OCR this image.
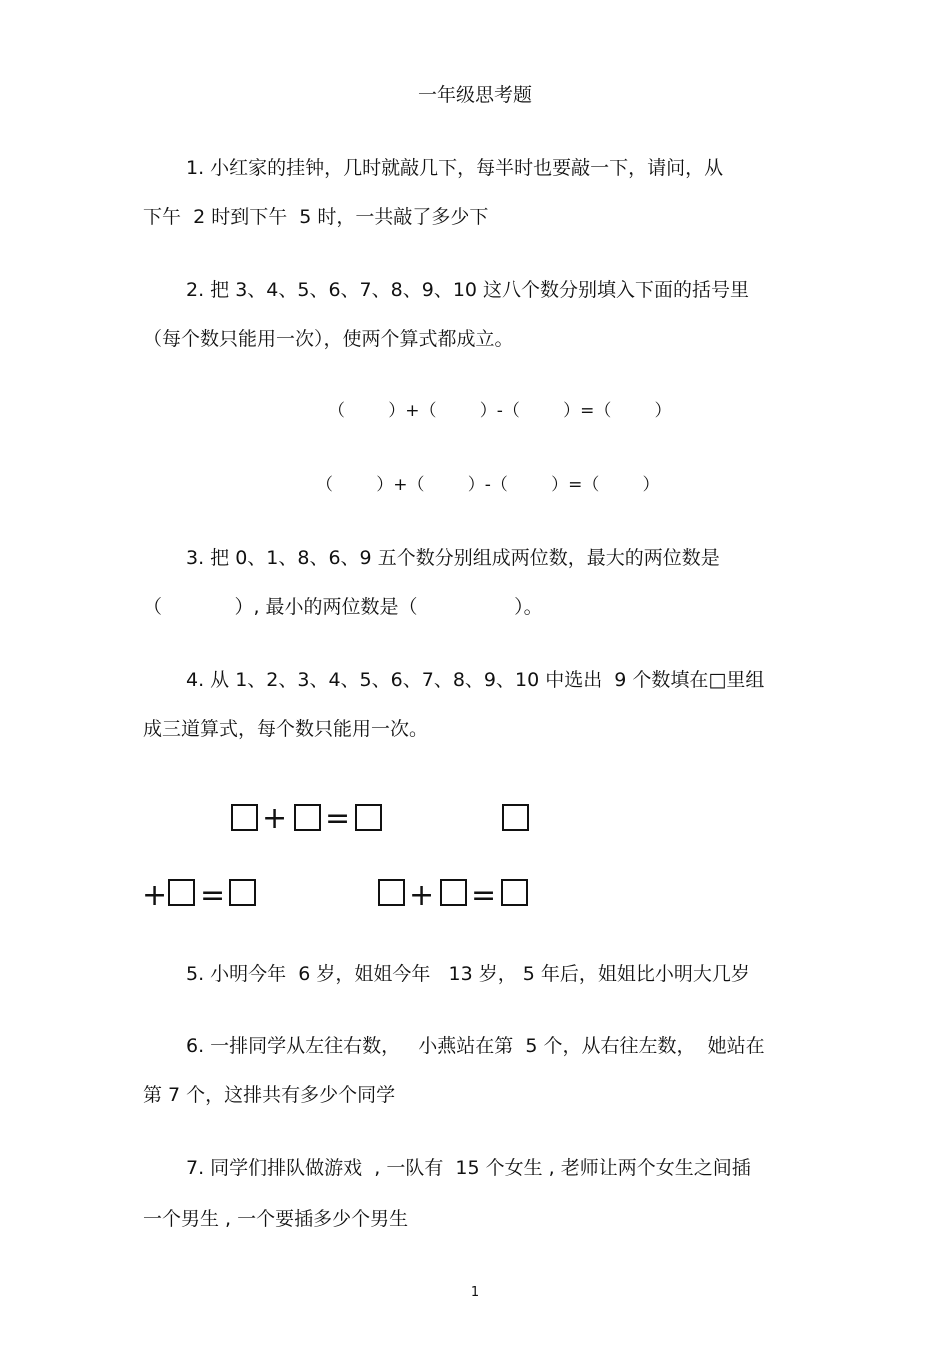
一年级思考题
1. 小红家的挂钟，几时就敲几下，每半时也要敲一下，请问，从
下午  2 时到下午  5 时，一共敲了多少下
2. 把 3、4、5、6、7、8、9、10 这八个数分别填入下面的括号里
（每个数只能用一次），使两个算式都成立。
（        ）+（        ）-（        ）=（        ）
（        ）+（        ）-（        ）=（        ）
3. 把 0、1、8、6、9 五个数分别组成两位数，最大的两位数是
（            ）, 最小的两位数是（                ）。
4. 从 1、2、3、4、5、6、7、8、9、10 中选出  9 个数填在□里组
成三道算式，每个数只能用一次。
+ =
+ =	+ =
5. 小明今年  6 岁，姐姐今年   13 岁， 5 年后，姐姐比小明大几岁
6. 一排同学从左往右数，   小燕站在第  5 个，从右往左数，  她站在
第 7 个，这排共有多少个同学
7. 同学们排队做游戏  , 一队有  15 个女生 , 老师让两个女生之间插
一个男生 , 一个要插多少个男生
1
